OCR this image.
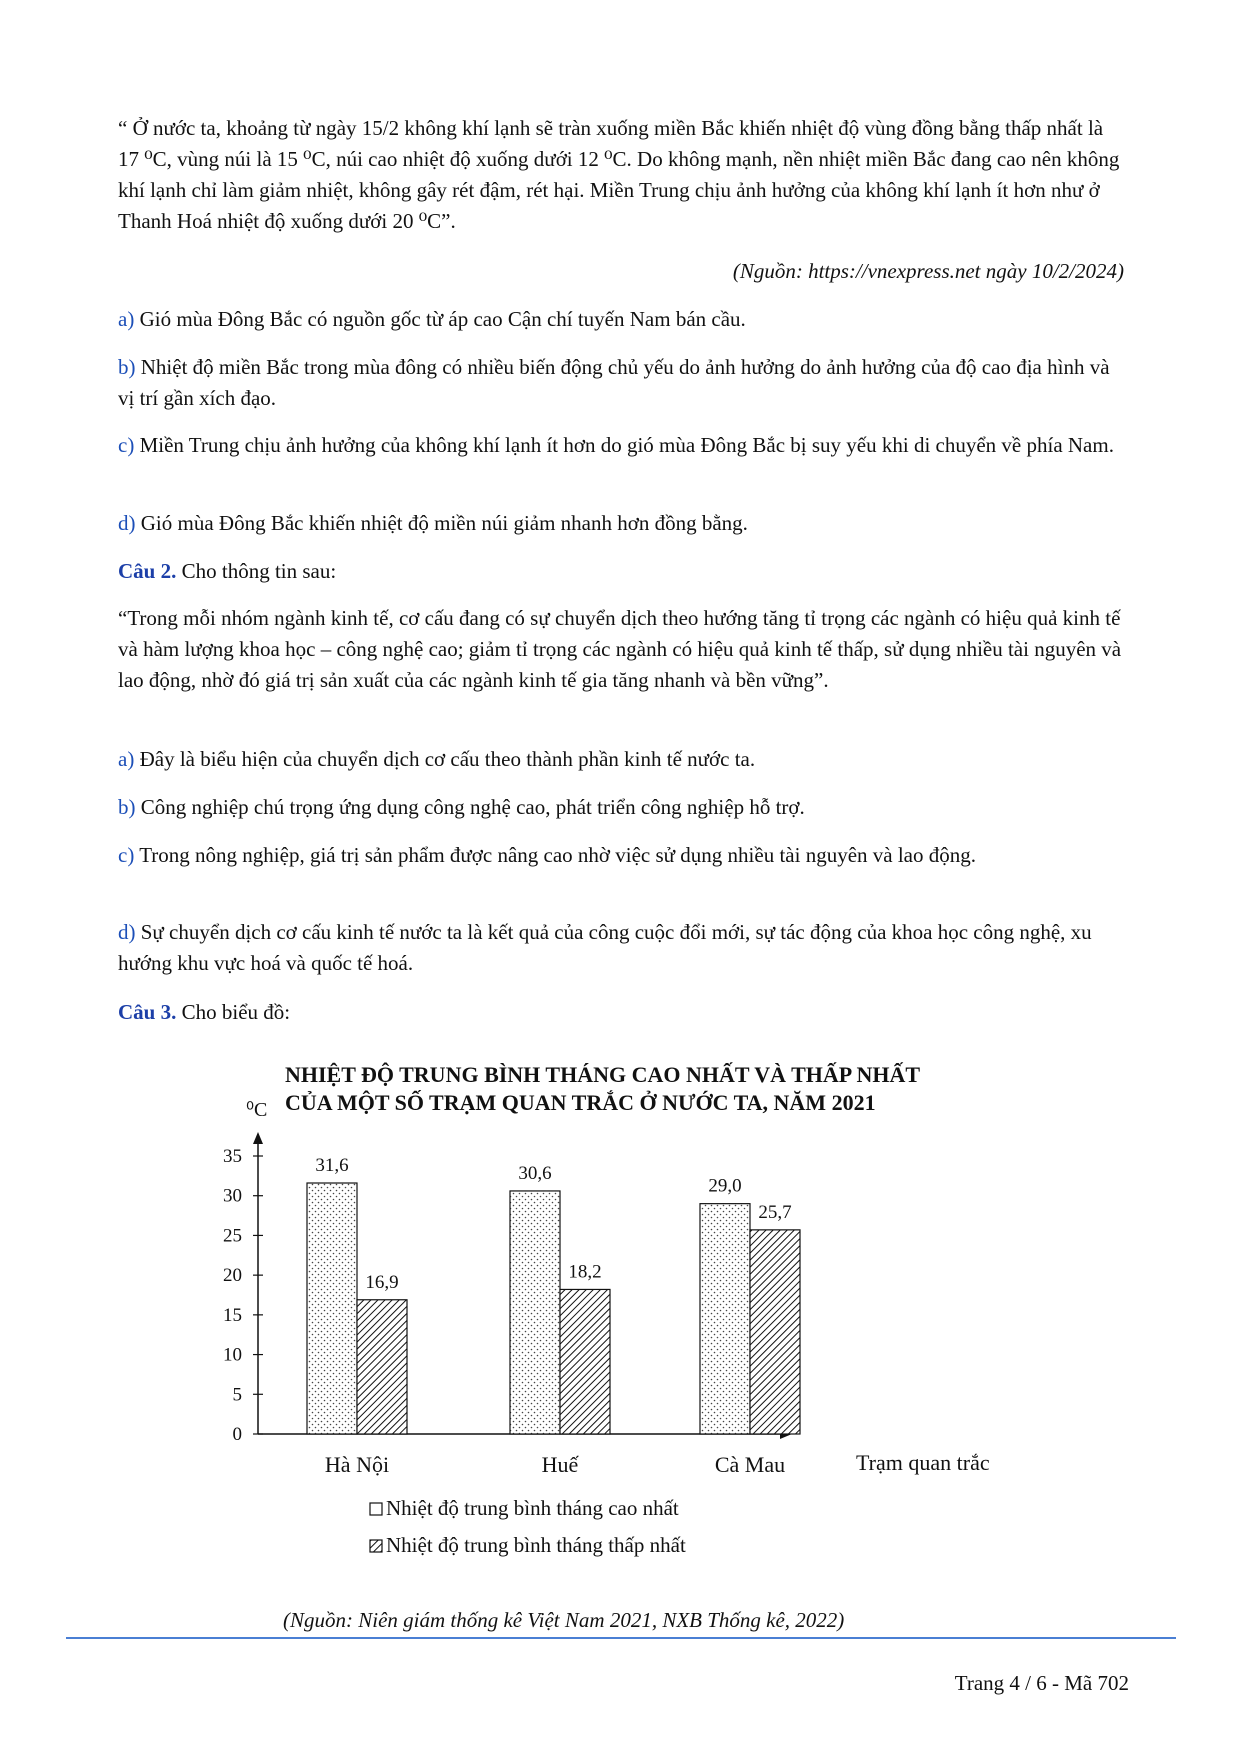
“ Ở nước ta, khoảng từ ngày 15/2 không khí lạnh sẽ tràn xuống miền Bắc khiến nhiệt độ vùng đồng bằng thấp nhất là 17 ⁰C, vùng núi là 15 ⁰C, núi cao nhiệt độ xuống dưới 12 ⁰C. Do không mạnh, nền nhiệt miền Bắc đang cao nên không khí lạnh chỉ làm giảm nhiệt, không gây rét đậm, rét hại. Miền Trung chịu ảnh hưởng của không khí lạnh ít hơn như ở Thanh Hoá nhiệt độ xuống dưới 20 ⁰C”.

(Nguồn: https://vnexpress.net ngày 10/2/2024)

a) Gió mùa Đông Bắc có nguồn gốc từ áp cao Cận chí tuyến Nam bán cầu.

b) Nhiệt độ miền Bắc trong mùa đông có nhiều biến động chủ yếu do ảnh hưởng do ảnh hưởng của độ cao địa hình và vị trí gần xích đạo.

c) Miền Trung chịu ảnh hưởng của không khí lạnh ít hơn do gió mùa Đông Bắc bị suy yếu khi di chuyển về phía Nam.

d) Gió mùa Đông Bắc khiến nhiệt độ miền núi giảm nhanh hơn đồng bằng.

Câu 2. Cho thông tin sau:

“Trong mỗi nhóm ngành kinh tế, cơ cấu đang có sự chuyển dịch theo hướng tăng tỉ trọng các ngành có hiệu quả kinh tế và hàm lượng khoa học – công nghệ cao; giảm tỉ trọng các ngành có hiệu quả kinh tế thấp, sử dụng nhiều tài nguyên và lao động, nhờ đó giá trị sản xuất của các ngành kinh tế gia tăng nhanh và bền vững”.

a) Đây là biểu hiện của chuyển dịch cơ cấu theo thành phần kinh tế nước ta.

b) Công nghiệp chú trọng ứng dụng công nghệ cao, phát triển công nghiệp hỗ trợ.

c) Trong nông nghiệp, giá trị sản phẩm được nâng cao nhờ việc sử dụng nhiều tài nguyên và lao động.

d) Sự chuyển dịch cơ cấu kinh tế nước ta là kết quả của công cuộc đổi mới, sự tác động của khoa học công nghệ, xu hướng khu vực hoá và quốc tế hoá.

Câu 3. Cho biểu đồ:

NHIỆT ĐỘ TRUNG BÌNH THÁNG CAO NHẤT VÀ THẤP NHẤT
CỦA MỘT SỐ TRẠM QUAN TRẮC Ở NƯỚC TA, NĂM 2021
⁰C
Trạm quan trắc
0
5
10
15
20
25
30
35	31,6
16,9
Hà Nội
30,6
18,2
Huế
29,0
25,7
Cà Mau
Nhiệt độ trung bình tháng cao nhất
Nhiệt độ trung bình tháng thấp nhất
(Nguồn: Niên giám thống kê Việt Nam 2021, NXB Thống kê, 2022)
Trang 4 / 6 - Mã 702
